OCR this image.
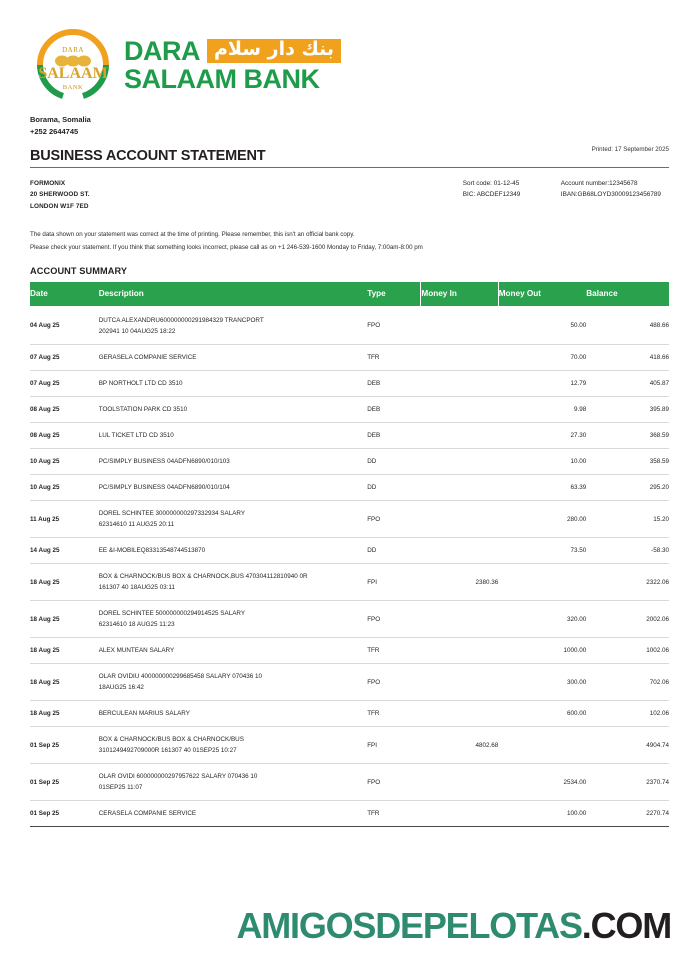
DARA
SALAAM
BANK
DARA بنك دار سلام
SALAAM BANK
Borama, Somalia
+252 2644745
BUSINESS ACCOUNT STATEMENT	Printed: 17 September 2025
FORMONIX
20 SHERWOOD ST.
LONDON W1F 7ED
Sort code: 01-12-45	Account number:12345678
BIC: ABCDEF12349	IBAN:GB68LOYD30009123456789
The data shown on your statement was correct at the time of printing. Please remember, this isn't an official bank copy.
Please check your statement. If you think that something looks incorrect, please call as on +1 246-539-1600 Monday to Friday, 7:00am-8:00 pm
ACCOUNT SUMMARY
Date	Description	Type	Money In	Money Out	Balance
04 Aug 25	DUTCA ALEXANDRU600000000291984329 TRANCPORT
202941 10 04AUG25 18:22	FPO		50.00	488.66
07 Aug 25	GERASELA COMPANIE SERVICE	TFR		70.00	418.66
07 Aug 25	BP NORTHOLT LTD CD 3510	DEB		12.79	405.87
08 Aug 25	TOOLSTATION PARK CD 3510	DEB		9.98	395.89
08 Aug 25	LUL TICKET LTD CD 3510	DEB		27.30	368.59
10 Aug 25	PC/SIMPLY BUSINESS 04ADFN6890/010/103	DD		10.00	358.59
10 Aug 25	PC/SIMPLY BUSINESS 04ADFN6890/010/104	DD		63.39	295.20
11 Aug 25	DOREL SCHINTEE 300000000297332934 SALARY
62314610 11 AUG25 20:11	FPO		280.00	15.20
14 Aug 25	EE &I-MOBILEQ83313548744513870	DD		73.50	-58.30
18 Aug 25	BOX & CHARNOCK/BUS BOX & CHARNOCK,BUS 470304112810940 0R
161307 40 18AUG25 03:11	FPI	2380.36		2322.06
18 Aug 25	DOREL SCHINTEE 500000000294914525 SALARY
62314610 18 AUG25 11:23	FPO		320.00	2002.06
18 Aug 25	ALEX MUNTEAN SALARY	TFR		1000.00	1002.06
18 Aug 25	OLAR OVIDIU 400000000299685458 SALARY 070436 10
18AUG25 16:42	FPO		300.00	702.06
18 Aug 25	BERCULEAN MARIUS SALARY	TFR		600.00	102.06
01 Sep 25	BOX & CHARNOCK/BUS BOX & CHARNOCK/BUS
3101249492709000R 161307 40 01SEP25 10:27	FPI	4802.68		4904.74
01 Sep 25	OLAR OVIDI 600000000297957622 SALARY 070436 10
01SEP25 11:07	FPO		2534.00	2370.74
01 Sep 25	CERASELA COMPANIE SERVICE	TFR		100.00	2270.74
AMIGOSDEPELOTAS.COM
